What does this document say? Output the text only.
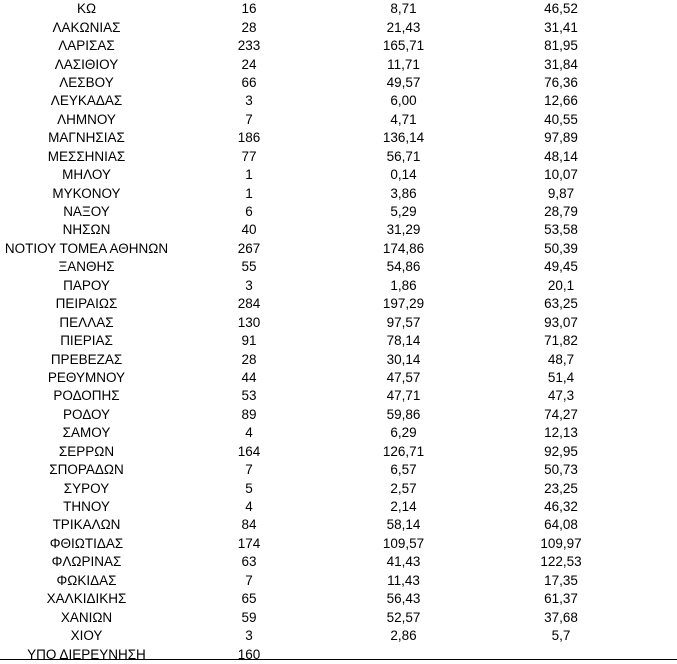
ΚΩ	16	8,71	46,52
ΛΑΚΩΝΙΑΣ	28	21,43	31,41
ΛΑΡΙΣΑΣ	233	165,71	81,95
ΛΑΣΙΘΙΟΥ	24	11,71	31,84
ΛΕΣΒΟΥ	66	49,57	76,36
ΛΕΥΚΑΔΑΣ	3	6,00	12,66
ΛΗΜΝΟΥ	7	4,71	40,55
ΜΑΓΝΗΣΙΑΣ	186	136,14	97,89
ΜΕΣΣΗΝΙΑΣ	77	56,71	48,14
ΜΗΛΟΥ	1	0,14	10,07
ΜΥΚΟΝΟΥ	1	3,86	9,87
ΝΑΞΟΥ	6	5,29	28,79
ΝΗΣΩΝ	40	31,29	53,58
ΝΟΤΙΟΥ ΤΟΜΕΑ ΑΘΗΝΩΝ	267	174,86	50,39
ΞΑΝΘΗΣ	55	54,86	49,45
ΠΑΡΟΥ	3	1,86	20,1
ΠΕΙΡΑΙΩΣ	284	197,29	63,25
ΠΕΛΛΑΣ	130	97,57	93,07
ΠΙΕΡΙΑΣ	91	78,14	71,82
ΠΡΕΒΕΖΑΣ	28	30,14	48,7
ΡΕΘΥΜΝΟΥ	44	47,57	51,4
ΡΟΔΟΠΗΣ	53	47,71	47,3
ΡΟΔΟΥ	89	59,86	74,27
ΣΑΜΟΥ	4	6,29	12,13
ΣΕΡΡΩΝ	164	126,71	92,95
ΣΠΟΡΑΔΩΝ	7	6,57	50,73
ΣΥΡΟΥ	5	2,57	23,25
ΤΗΝΟΥ	4	2,14	46,32
ΤΡΙΚΑΛΩΝ	84	58,14	64,08
ΦΘΙΩΤΙΔΑΣ	174	109,57	109,97
ΦΛΩΡΙΝΑΣ	63	41,43	122,53
ΦΩΚΙΔΑΣ	7	11,43	17,35
ΧΑΛΚΙΔΙΚΗΣ	65	56,43	61,37
ΧΑΝΙΩΝ	59	52,57	37,68
ΧΙΟΥ	3	2,86	5,7
ΥΠΟ ΔΙΕΡΕΥΝΗΣΗ	160		
